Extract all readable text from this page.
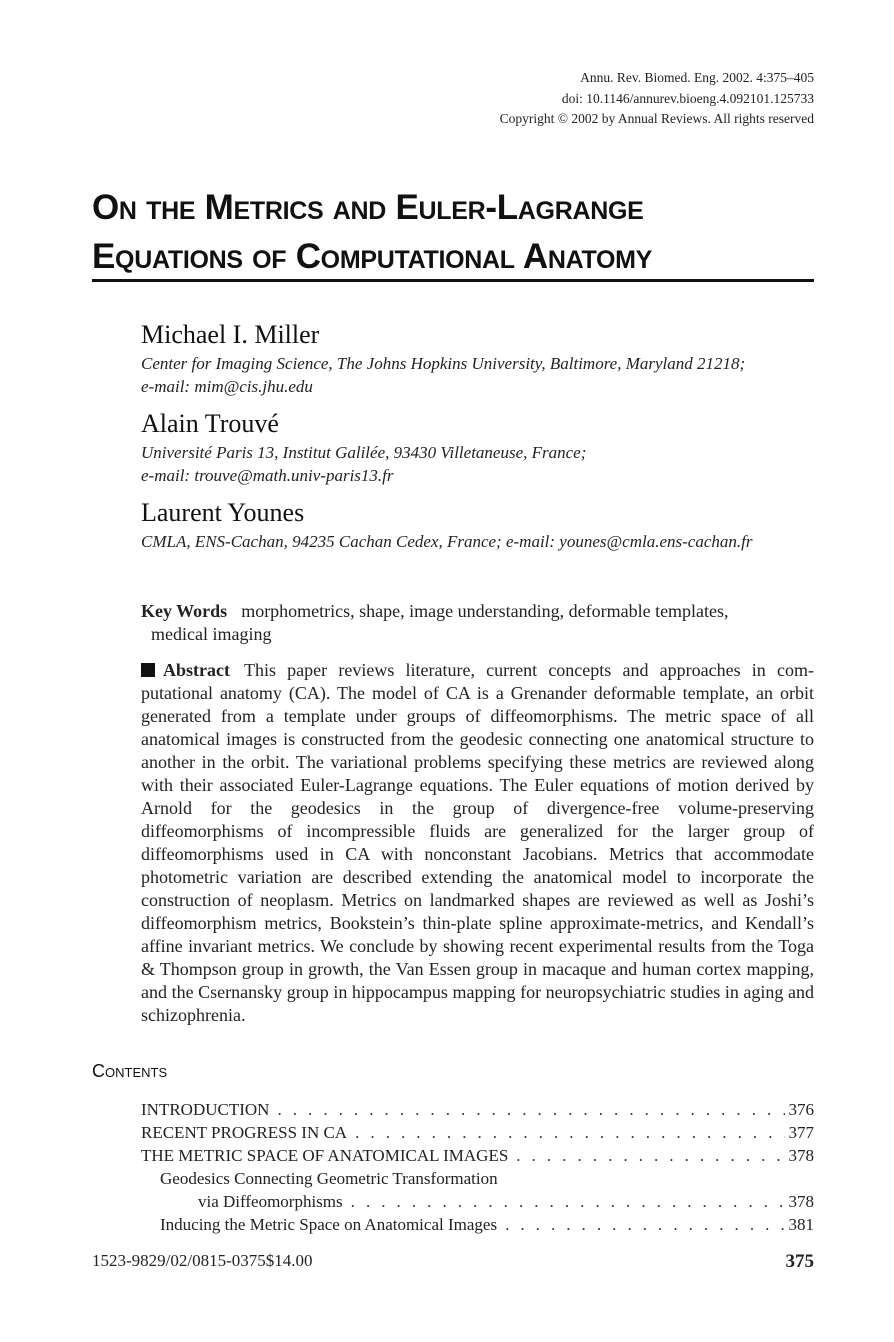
Annu. Rev. Biomed. Eng. 2002. 4:375–405
doi: 10.1146/annurev.bioeng.4.092101.125733
Copyright © 2002 by Annual Reviews. All rights reserved
On the Metrics and Euler-Lagrange
Equations of Computational Anatomy
Michael I. Miller
Center for Imaging Science, The Johns Hopkins University, Baltimore, Maryland 21218;
e-mail: mim@cis.jhu.edu
Alain Trouvé
Université Paris 13, Institut Galilée, 93430 Villetaneuse, France;
e-mail: trouve@math.univ-paris13.fr
Laurent Younes
CMLA, ENS-Cachan, 94235 Cachan Cedex, France; e-mail: younes@cmla.ens-cachan.fr
Key Words morphometrics, shape, image understanding, deformable templates,
medical imaging
Abstract This paper reviews literature, current concepts and approaches in computational anatomy (CA). The model of CA is a Grenander deformable template, an orbit generated from a template under groups of diffeomorphisms. The metric space of all anatomical images is constructed from the geodesic connecting one anatomical structure to another in the orbit. The variational problems specifying these metrics are reviewed along with their associated Euler-Lagrange equations. The Euler equations of motion derived by Arnold for the geodesics in the group of divergence-free volume-preserving diffeomorphisms of incompressible fluids are generalized for the larger group of diffeomorphisms used in CA with nonconstant Jacobians. Metrics that accommodate photometric variation are described extending the anatomical model to incorporate the construction of neoplasm. Metrics on landmarked shapes are reviewed as well as Joshi’s diffeomorphism metrics, Bookstein’s thin-plate spline approximate-metrics, and Kendall’s affine invariant metrics. We conclude by showing recent experimental results from the Toga & Thompson group in growth, the Van Essen group in macaque and human cortex mapping, and the Csernansky group in hippocampus mapping for neuropsychiatric studies in aging and schizophrenia.
Contents
INTRODUCTION . . .	376
RECENT PROGRESS IN CA . . .	377
THE METRIC SPACE OF ANATOMICAL IMAGES . . .	378
Geodesics Connecting Geometric Transformation
via Diffeomorphisms . . .	378
Inducing the Metric Space on Anatomical Images . . .	381
1523-9829/02/0815-0375$14.00	375
